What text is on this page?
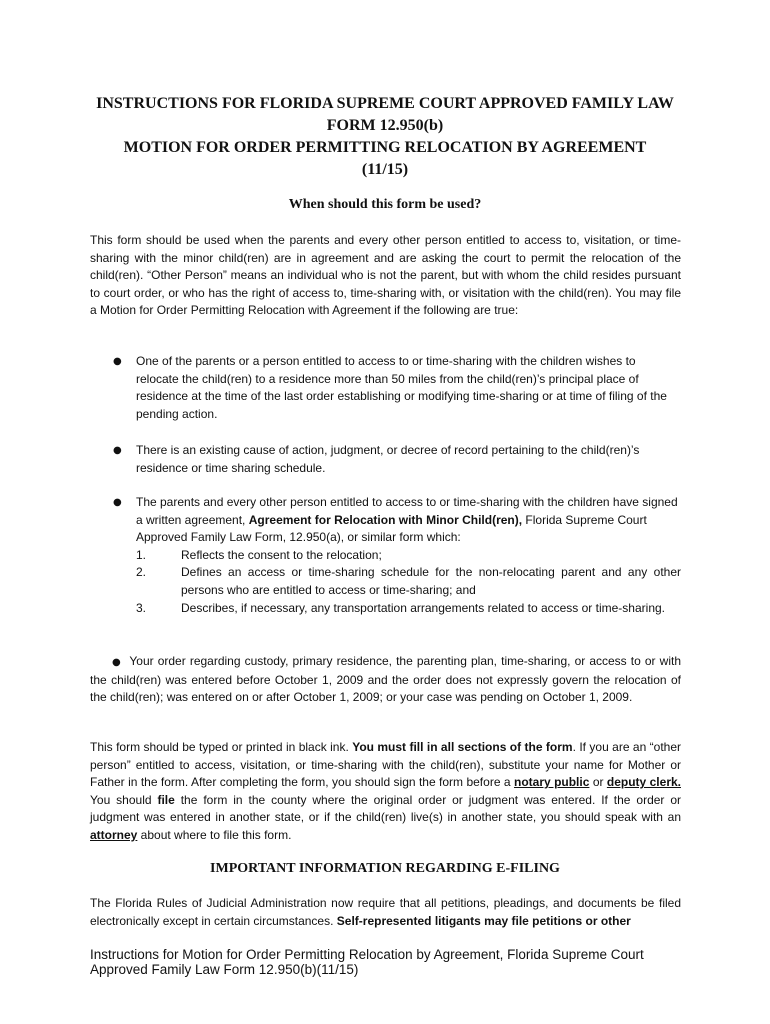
INSTRUCTIONS FOR FLORIDA SUPREME COURT APPROVED FAMILY LAW
FORM 12.950(b)
MOTION FOR ORDER PERMITTING RELOCATION BY AGREEMENT
(11/15)
When should this form be used?
This form should be used when the parents and every other person entitled to access to, visitation, or time-sharing with the minor child(ren) are in agreement and are asking the court to permit the relocation of the child(ren). “Other Person” means an individual who is not the parent, but with whom the child resides pursuant to court order, or who has the right of access to, time-sharing with, or visitation with the child(ren). You may file a Motion for Order Permitting Relocation with Agreement if the following are true:
● One of the parents or a person entitled to access to or time-sharing with the children wishes to relocate the child(ren) to a residence more than 50 miles from the child(ren)’s principal place of residence at the time of the last order establishing or modifying time-sharing or at time of filing of the pending action.
● There is an existing cause of action, judgment, or decree of record pertaining to the child(ren)’s residence or time sharing schedule.
● The parents and every other person entitled to access to or time-sharing with the children have signed a written agreement, Agreement for Relocation with Minor Child(ren), Florida Supreme Court Approved Family Law Form, 12.950(a), or similar form which:
1.	Reflects the consent to the relocation;
2.	Defines an access or time-sharing schedule for the non-relocating parent and any other persons who are entitled to access or time-sharing; and
3.	Describes, if necessary, any transportation arrangements related to access or time-sharing.
●  Your order regarding custody, primary residence, the parenting plan, time-sharing, or access to or with the child(ren) was entered before October 1, 2009 and the order does not expressly govern the relocation of the child(ren); was entered on or after October 1, 2009; or your case was pending on October 1, 2009.
This form should be typed or printed in black ink. You must fill in all sections of the form. If you are an “other person” entitled to access, visitation, or time-sharing with the child(ren), substitute your name for Mother or Father in the form. After completing the form, you should sign the form before a notary public or deputy clerk. You should file the form in the county where the original order or judgment was entered. If the order or judgment was entered in another state, or if the child(ren) live(s) in another state, you should speak with an attorney about where to file this form.
IMPORTANT INFORMATION REGARDING E-FILING
The Florida Rules of Judicial Administration now require that all petitions, pleadings, and documents be filed electronically except in certain circumstances. Self-represented litigants may file petitions or other
Instructions for Motion for Order Permitting Relocation by Agreement, Florida Supreme Court
Approved Family Law Form 12.950(b)(11/15)
